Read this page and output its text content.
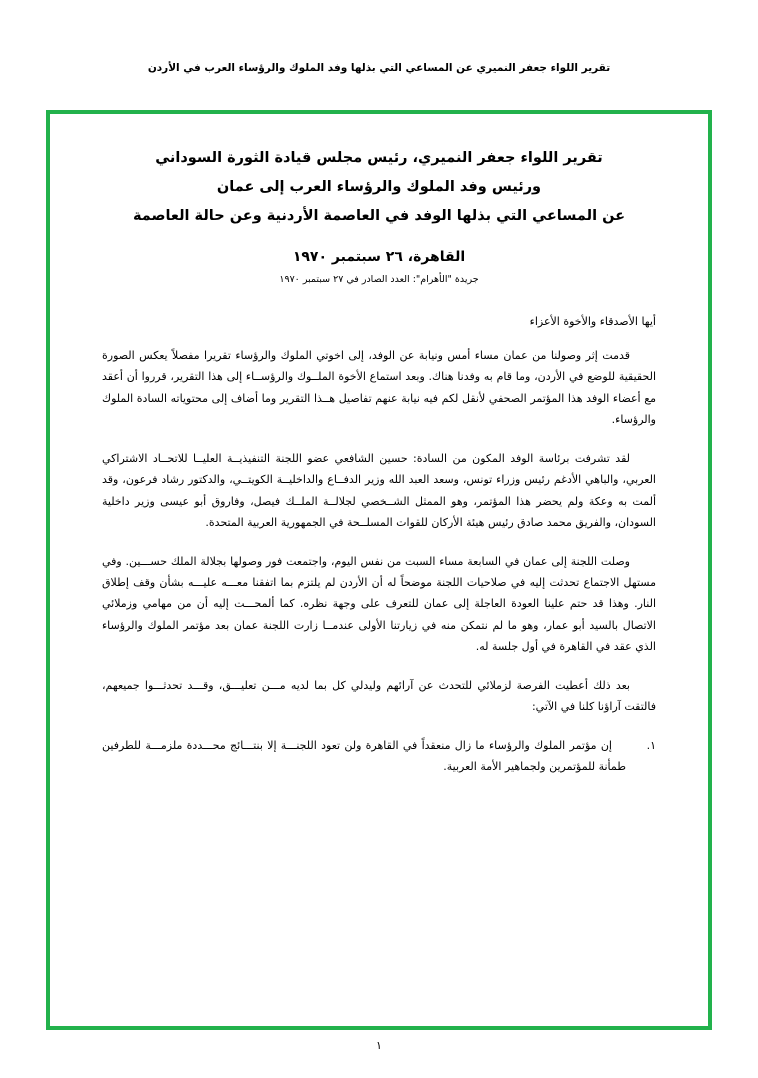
تقرير اللواء جعفر النميري عن المساعي التي بذلها وفد الملوك والرؤساء العرب في الأردن
تقرير اللواء جعفر النميري، رئيس مجلس قيادة الثورة السوداني
ورئيس وفد الملوك والرؤساء العرب إلى عمان
عن المساعي التي بذلها الوفد في العاصمة الأردنية وعن حالة العاصمة
القاهرة، ٢٦ سبتمبر ١٩٧٠
جريدة "الأهرام": العدد الصادر في ٢٧ سبتمبر ١٩٧٠
أيها الأصدقاء والأخوة الأعزاء

قدمت إثر وصولنا من عمان مساء أمس ونيابة عن الوفد، إلى اخوتي الملوك والرؤساء تقريرا مفصلاً يعكس الصورة الحقيقية للوضع في الأردن، وما قام به وفدنا هناك. وبعد استماع الأخوة الملــوك والرؤســاء إلى هذا التقرير، قرروا أن أعقد مع أعضاء الوفد هذا المؤتمر الصحفي لأنقل لكم فيه نيابة عنهم تفاصيل هــذا التقرير وما أضاف إلى محتوياته السادة الملوك والرؤساء.

لقد تشرفت برئاسة الوفد المكون من السادة: حسين الشافعي عضو اللجنة التنفيذيــة العليــا للاتحــاد الاشتراكي العربي، والباهي الأدغم رئيس وزراء تونس، وسعد العبد الله وزير الدفــاع والداخليــة الكويتــي، والدكتور رشاد فرعون، وقد ألمت به وعكة ولم يحضر هذا المؤتمر، وهو الممثل الشــخصي لجلالــة الملــك فيصل، وفاروق أبو عيسى وزير داخلية السودان، والفريق محمد صادق رئيس هيئة الأركان للقوات المسلــحة في الجمهورية العربية المتحدة.

وصلت اللجنة إلى عمان في السابعة مساء السبت من نفس اليوم، واجتمعت فور وصولها بجلالة الملك حســـين. وفي مستهل الاجتماع تحدثت إليه في صلاحيات اللجنة موضحاً له أن الأردن لم يلتزم بما اتفقنا معـــه عليـــه بشأن وقف إطلاق النار. وهذا قد حتم علينا العودة العاجلة إلى عمان للتعرف على وجهة نظره. كما ألمحـــت إليه أن من مهامي وزملائي الاتصال بالسيد أبو عمار، وهو ما لم نتمكن منه في زيارتنا الأولى عندمــا زارت اللجنة عمان بعد مؤتمر الملوك والرؤساء الذي عقد في القاهرة في أول جلسة له.

بعد ذلك أعطيت الفرصة لزملائي للتحدث عن آرائهم وليدلي كل بما لديه مـــن تعليـــق، وقـــد تحدثـــوا جميعهم، فالتقت آراؤنا كلنا في الآتي:

١.
إن مؤتمر الملوك والرؤساء ما زال منعقداً في القاهرة ولن تعود اللجنـــة إلا بنتـــائج محـــددة ملزمـــة للطرفين طمأنة للمؤتمرين ولجماهير الأمة العربية.
١
